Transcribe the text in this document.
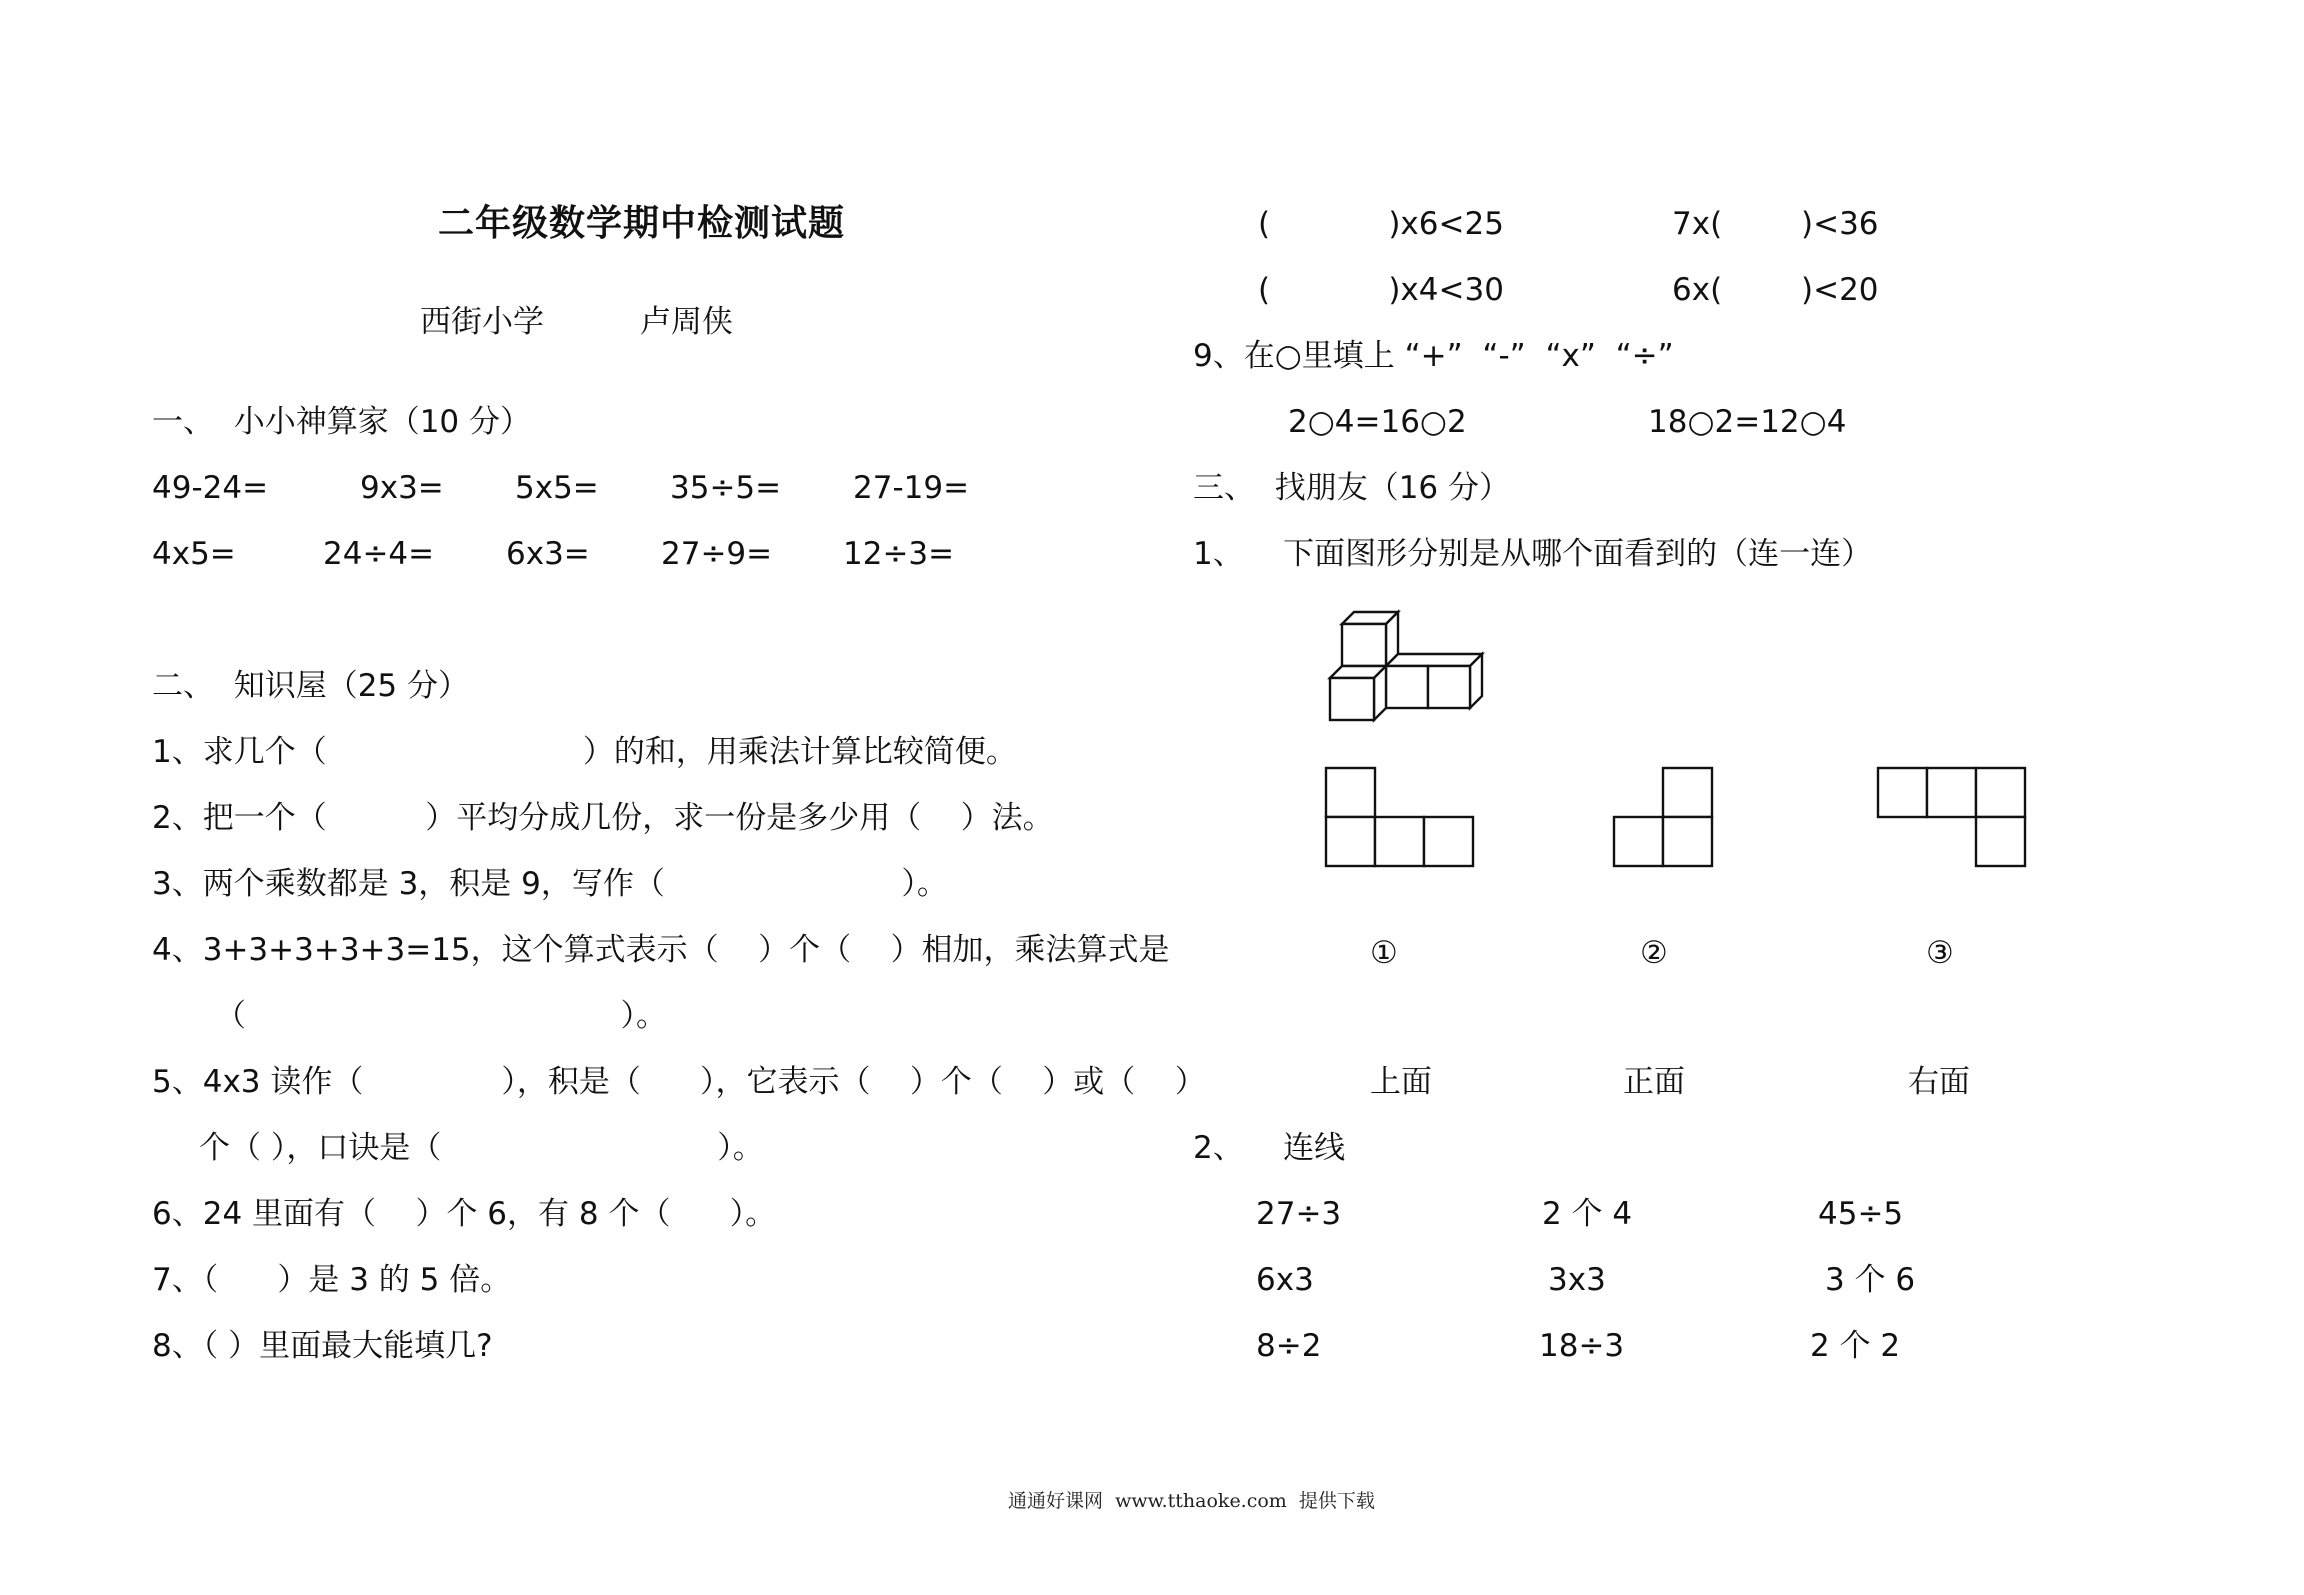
二年级数学期中检测试题
西街小学	卢周侠
一、  小小神算家（10 分）
49-24=	9x3= 5x5= 35÷5= 27-19=
4x5=	24÷4= 6x3= 27÷9= 12÷3=
二、  知识屋（25 分）
1、求几个（                          ）的和，用乘法计算比较简便。
2、把一个（          ）平均分成几份，求一份是多少用（    ）法。
3、两个乘数都是 3，积是 9，写作（                        ）。
4、3+3+3+3+3=15，这个算式表示（    ）个（    ）相加，乘法算式是
（                                      ）。
5、4x3 读作（              ），积是（      ），它表示（    ）个（    ）或（    ）
个（ ），口诀是（                            ）。
6、24 里面有（    ）个 6，有 8 个（      ）。
7、（      ）是 3 的 5 倍。
8、（ ）里面最大能填几?
(            )x6<25	7x(        )<36
(            )x4<30	6x(        )<20
9、在○里填上 “+”  “-”  “x”  “÷”
2○4=16○2	18○2=12○4
三、  找朋友（16 分）
1、    下面图形分别是从哪个面看到的（连一连）
①	②	③
上面	正面	右面
2、    连线
27÷3	2 个 4	45÷5
6x3	3x3	3 个 6
8÷2	18÷3	2 个 2
通通好课网  www.tthaoke.com  提供下载
